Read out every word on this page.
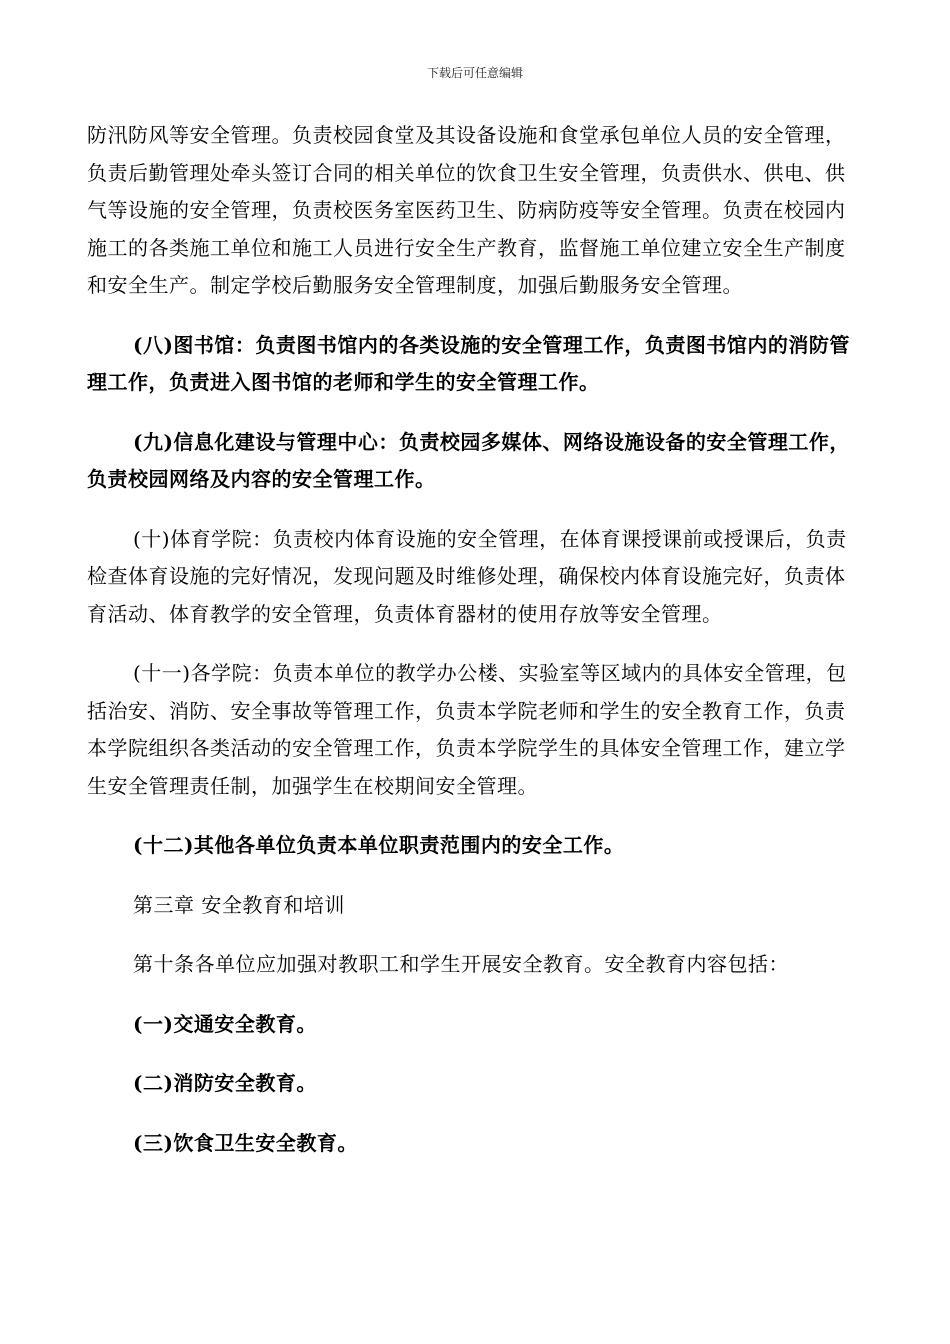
下载后可任意编辑

防汛防风等安全管理。负责校园食堂及其设备设施和食堂承包单位人员的安全管理，负责后勤管理处牵头签订合同的相关单位的饮食卫生安全管理，负责供水、供电、供气等设施的安全管理，负责校医务室医药卫生、防病防疫等安全管理。负责在校园内施工的各类施工单位和施工人员进行安全生产教育，监督施工单位建立安全生产制度和安全生产。制定学校后勤服务安全管理制度，加强后勤服务安全管理。

(八)图书馆：负责图书馆内的各类设施的安全管理工作，负责图书馆内的消防管理工作，负责进入图书馆的老师和学生的安全管理工作。

(九)信息化建设与管理中心：负责校园多媒体、网络设施设备的安全管理工作，负责校园网络及内容的安全管理工作。

(十)体育学院：负责校内体育设施的安全管理，在体育课授课前或授课后，负责检查体育设施的完好情况，发现问题及时维修处理，确保校内体育设施完好，负责体育活动、体育教学的安全管理，负责体育器材的使用存放等安全管理。

(十一)各学院：负责本单位的教学办公楼、实验室等区域内的具体安全管理，包括治安、消防、安全事故等管理工作，负责本学院老师和学生的安全教育工作，负责本学院组织各类活动的安全管理工作，负责本学院学生的具体安全管理工作，建立学生安全管理责任制，加强学生在校期间安全管理。

(十二)其他各单位负责本单位职责范围内的安全工作。

第三章 安全教育和培训

第十条各单位应加强对教职工和学生开展安全教育。安全教育内容包括：

(一)交通安全教育。

(二)消防安全教育。

(三)饮食卫生安全教育。
